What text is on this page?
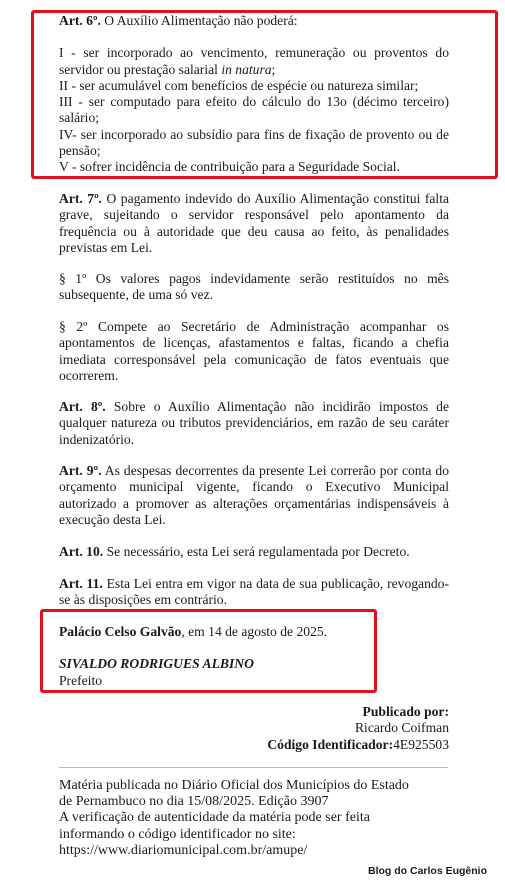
Art. 6º. O Auxílio Alimentação não poderá:
I - ser incorporado ao vencimento, remuneração ou proventos do servidor ou prestação salarial in natura;
II - ser acumulável com benefícios de espécie ou natureza similar;
III - ser computado para efeito do cálculo do 13o (décimo terceiro) salário;
IV- ser incorporado ao subsídio para fins de fixação de provento ou de pensão;
V - sofrer incidência de contribuição para a Seguridade Social.
Art. 7º. O pagamento indevido do Auxílio Alimentação constitui falta grave, sujeitando o servidor responsável pelo apontamento da frequência ou à autoridade que deu causa ao feito, às penalidades previstas em Lei.
§ 1º Os valores pagos indevidamente serão restituídos no mês subsequente, de uma só vez.
§ 2º Compete ao Secretário de Administração acompanhar os apontamentos de licenças, afastamentos e faltas, ficando a chefia imediata corresponsável pela comunicação de fatos eventuais que ocorrerem.
Art. 8º. Sobre o Auxílio Alimentação não incidirão impostos de qualquer natureza ou tributos previdenciários, em razão de seu caráter indenizatório.
Art. 9º. As despesas decorrentes da presente Lei correrão por conta do orçamento municipal vigente, ficando o Executivo Municipal autorizado a promover as alterações orçamentárias indispensáveis à execução desta Lei.
Art. 10. Se necessário, esta Lei será regulamentada por Decreto.
Art. 11. Esta Lei entra em vigor na data de sua publicação, revogando-se às disposições em contrário.
Palácio Celso Galvão, em 14 de agosto de 2025.
SIVALDO RODRIGUES ALBINO
Prefeito
Publicado por:
Ricardo Coifman
Código Identificador:4E925503
Matéria publicada no Diário Oficial dos Municípios do Estado
de Pernambuco no dia 15/08/2025. Edição 3907
A verificação de autenticidade da matéria pode ser feita
informando o código identificador no site:
https://www.diariomunicipal.com.br/amupe/
Blog do Carlos Eugênio
